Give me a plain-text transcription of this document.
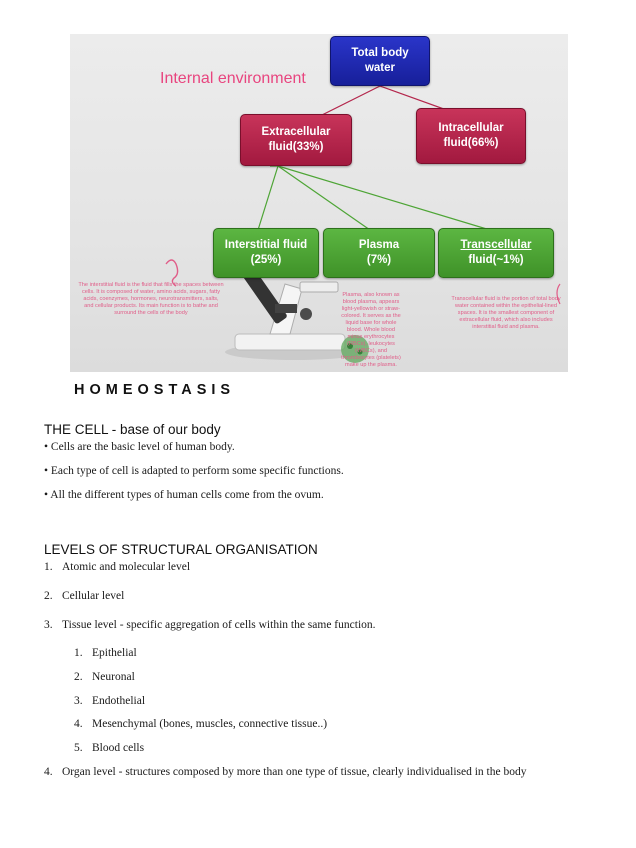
Internal environment
Total body
water
Extracellular
fluid(33%)
Intracellular
fluid(66%)
Interstitial fluid
(25%)
Plasma
(7%)
Transcellular
fluid(~1%)
The interstitial fluid is the fluid that fills the spaces between cells. It is composed of water, amino acids, sugars, fatty acids, coenzymes, hormones, neurotransmitters, salts, and cellular products. Its main function is to bathe and surround the cells of the body
Plasma, also known as blood plasma, appears light-yellowish or straw-colored. It serves as the liquid base for whole blood. Whole blood minus erythrocytes (RBCs), leukocytes (WBCs), and thrombocytes (platelets) make up the plasma.
Transcellular fluid is the portion of total body water contained within the epithelial-lined spaces. It is the smallest component of extracellular fluid, which also includes interstitial fluid and plasma.
HOMEOSTASIS
THE CELL - base of our body
• Cells are the basic level of human body.
• Each type of cell is adapted to perform some specific functions.
• All the different types of human cells come from the ovum.
LEVELS OF STRUCTURAL ORGANISATION
1. Atomic and molecular level
2. Cellular level
3. Tissue level - specific aggregation of cells within the same function.
1. Epithelial
2. Neuronal
3. Endothelial
4. Mesenchymal (bones, muscles, connective tissue..)
5. Blood cells
4. Organ level - structures composed by more than one type of tissue, clearly individualised in the body
